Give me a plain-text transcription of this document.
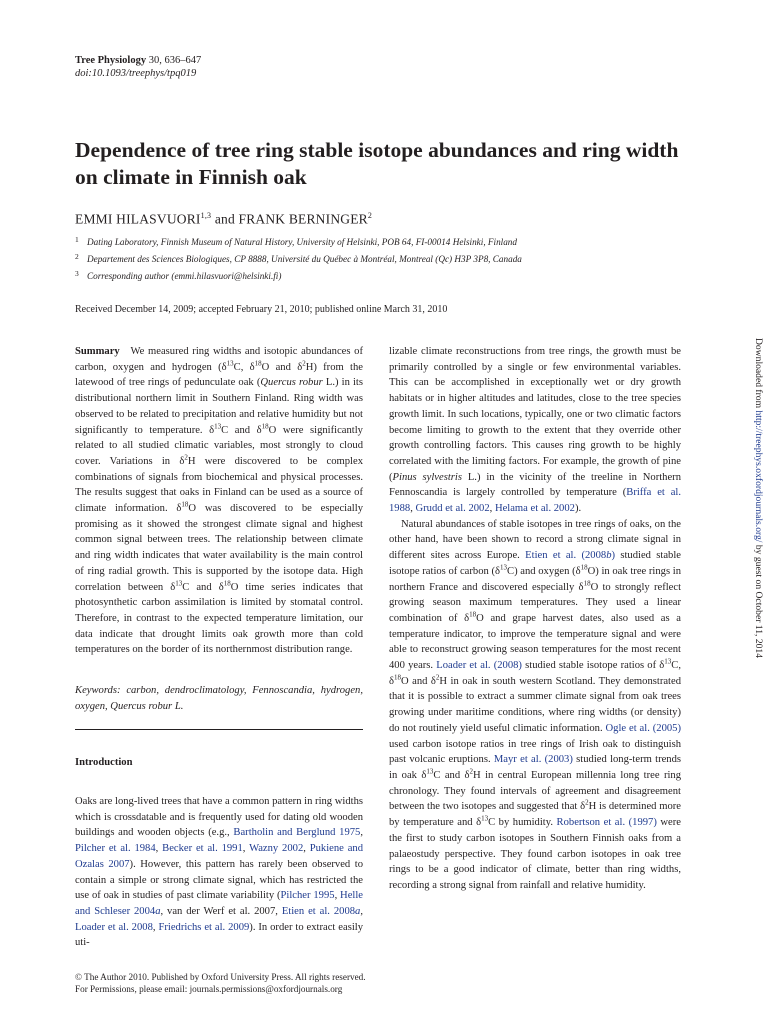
Tree Physiology 30, 636–647
doi:10.1093/treephys/tpq019
Dependence of tree ring stable isotope abundances and ring width on climate in Finnish oak
EMMI HILASVUORI$^{1,3}$ and FRANK BERNINGER$^2$
1 Dating Laboratory, Finnish Museum of Natural History, University of Helsinki, POB 64, FI-00014 Helsinki, Finland
2 Departement des Sciences Biologiques, CP 8888, Université du Québec à Montréal, Montreal (Qc) H3P 3P8, Canada
3 Corresponding author (emmi.hilasvuori@helsinki.fi)
Received December 14, 2009; accepted February 21, 2010; published online March 31, 2010

Summary   We measured ring widths and isotopic abundances of carbon, oxygen and hydrogen ($\delta^{13}C$, $\delta^{18}O$ and $\delta^2H$) from the latewood of tree rings of pedunculate oak (Quercus robur L.) in its distributional northern limit in Southern Finland. Ring width was observed to be related to precipitation and relative humidity but not significantly to temperature. $\delta^{13}C$ and $\delta^{18}O$ were significantly related to all studied climatic variables, most strongly to cloud cover. Variations in $\delta^2H$ were discovered to be complex combinations of signals from biochemical and physical processes. The results suggest that oaks in Finland can be used as a source of climate information. $\delta^{18}O$ was discovered to be especially promising as it showed the strongest climate signal and highest common signal between trees. The relationship between climate and ring width indicates that water availability is the main control of ring radial growth. This is supported by the isotope data. High correlation between $\delta^{13}C$ and $\delta^{18}O$ time series indicates that photosynthetic carbon assimilation is limited by stomatal control. Therefore, in contrast to the expected temperature limitation, our data indicate that drought limits oak growth more than cold temperatures on the border of its northernmost distribution range.

Keywords: carbon, dendroclimatology, Fennoscandia, hydrogen, oxygen, Quercus robur L.
Introduction

Oaks are long-lived trees that have a common pattern in ring widths which is crossdatable and is frequently used for dating old wooden buildings and wooden objects (e.g., Bartholin and Berglund 1975, Pilcher et al. 1984, Becker et al. 1991, Wazny 2002, Pukiene and Ozalas 2007). However, this pattern has rarely been observed to contain a simple or strong climate signal, which has restricted the use of oak in studies of past climate variability (Pilcher 1995, Helle and Schleser 2004a, van der Werf et al. 2007, Etien et al. 2008a, Loader et al. 2008, Friedrichs et al. 2009). In order to extract easily uti-

lizable climate reconstructions from tree rings, the growth must be primarily controlled by a single or few environmental variables. This can be accomplished in exceptionally wet or dry growth habitats or in higher altitudes and latitudes, close to the tree species growth limit. In such locations, typically, one or two climatic factors become limiting to growth to the extent that they override other growth controlling factors. This causes ring growth to be highly correlated with the limiting factors. For example, the growth of pine (Pinus sylvestris L.) in the vicinity of the treeline in Northern Fennoscandia is largely controlled by temperature (Briffa et al. 1988, Grudd et al. 2002, Helama et al. 2002).

Natural abundances of stable isotopes in tree rings of oaks, on the other hand, have been shown to record a strong climate signal in different sites across Europe. Etien et al. (2008b) studied stable isotope ratios of carbon $(\delta^{13}C)$ and oxygen $(\delta^{18}O)$ in oak tree rings in northern France and discovered especially $\delta^{18}O$ to strongly reflect growing season maximum temperatures. They used a linear combination of $\delta^{18}O$ and grape harvest dates, also used as a temperature indicator, to improve the temperature signal and were able to reconstruct growing season temperatures for the most recent 400 years. Loader et al. (2008) studied stable isotope ratios of $\delta^{13}C$, $\delta^{18}O$ and $\delta^2H$ in oak in south western Scotland. They demonstrated that it is possible to extract a summer climate signal from oak trees growing under maritime conditions, where ring widths (or density) do not routinely yield useful climatic information. Ogle et al. (2005) used carbon isotope ratios in tree rings of Irish oak to distinguish past volcanic eruptions. Mayr et al. (2003) studied long-term trends in oak $\delta^{13}C$ and $\delta^2H$ in central European millennia long tree ring chronology. They found intervals of agreement and disagreement between the two isotopes and suggested that $\delta^2H$ is determined more by temperature and $\delta^{13}C$ by humidity. Robertson et al. (1997) were the first to study carbon isotopes in Southern Finnish oaks from a palaeostudy perspective. They found carbon isotopes in oak tree rings to be a good indicator of climate, better than ring widths, recording a strong signal from rainfall and relative humidity.

© The Author 2010. Published by Oxford University Press. All rights reserved.
For Permissions, please email: journals.permissions@oxfordjournals.org
Downloaded from http://treephys.oxfordjournals.org/ by guest on October 11, 2014
